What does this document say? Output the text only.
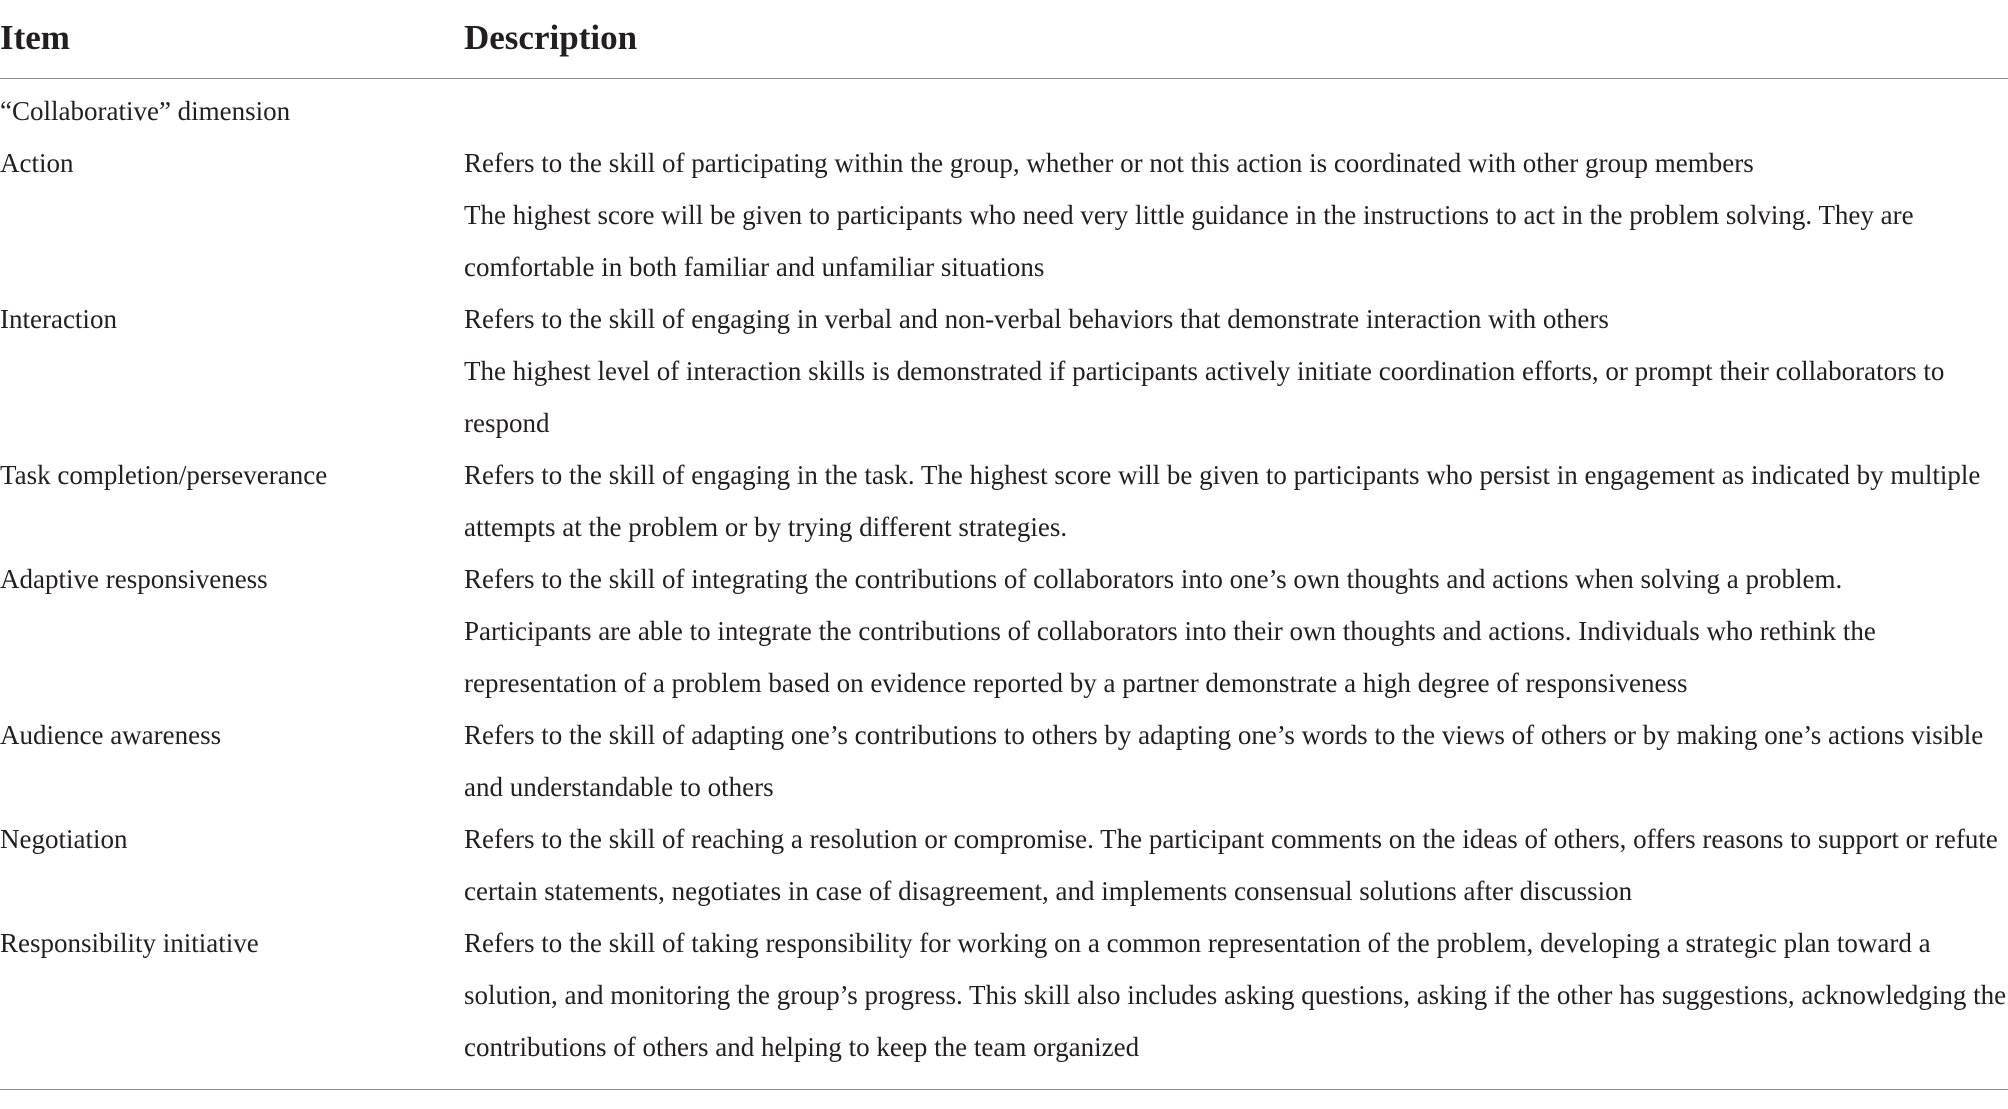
Item	Description
“Collaborative” dimension	
Action	Refers to the skill of participating within the group, whether or not this action is coordinated with other group members
The highest score will be given to participants who need very little guidance in the instructions to act in the problem solving. They are comfortable in both familiar and unfamiliar situations

Interaction	Refers to the skill of engaging in verbal and non-verbal behaviors that demonstrate interaction with others
The highest level of interaction skills is demonstrated if participants actively initiate coordination efforts, or prompt their collaborators to respond

Task completion/perseverance	Refers to the skill of engaging in the task. The highest score will be given to participants who persist in engagement as indicated by multiple attempts at the problem or by trying different strategies.

Adaptive responsiveness	Refers to the skill of integrating the contributions of collaborators into one’s own thoughts and actions when solving a problem.
Participants are able to integrate the contributions of collaborators into their own thoughts and actions. Individuals who rethink the representation of a problem based on evidence reported by a partner demonstrate a high degree of responsiveness

Audience awareness	Refers to the skill of adapting one’s contributions to others by adapting one’s words to the views of others or by making one’s actions visible and understandable to others

Negotiation	Refers to the skill of reaching a resolution or compromise. The participant comments on the ideas of others, offers reasons to support or refute certain statements, negotiates in case of disagreement, and implements consensual solutions after discussion

Responsibility initiative	Refers to the skill of taking responsibility for working on a common representation of the problem, developing a strategic plan toward a solution, and monitoring the group’s progress. This skill also includes asking questions, asking if the other has suggestions, acknowledging the contributions of others and helping to keep the team organized
